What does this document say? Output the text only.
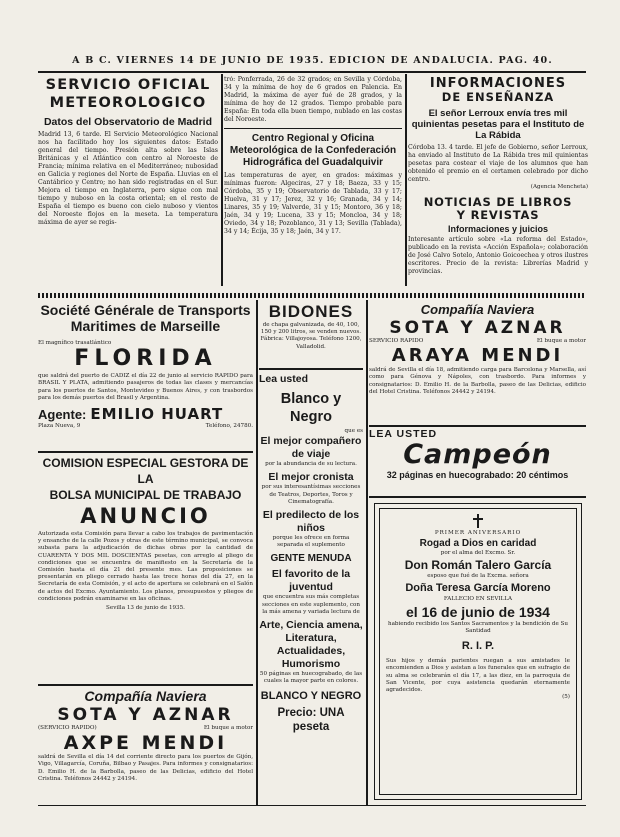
A B C. VIERNES 14 DE JUNIO DE 1935. EDICION DE ANDALUCIA. PAG. 40.
SERVICIO OFICIAL
METEOROLOGICO
Datos del Observatorio de Madrid
Madrid 13, 6 tarde. El Servicio Meteorológico Nacional nos ha facilitado hoy los siguientes datos: Estado general del tiempo. Presión alta sobre las Islas Británicas y el Atlántico con centro al Noroeste de Francia; mínima relativa en el Mediterráneo; nubosidad en Galicia y regiones del Norte de España. Lluvias en el Cantábrico y Centro; no han sido registradas en el Sur. Mejora el tiempo en Inglaterra, pero sigue con mal tiempo y nuboso en la costa oriental; en el resto de España el tiempo es bueno con cielo nuboso y vientos del Noroeste flojos en la meseta. La temperatura máxima de ayer se regis-
tró: Ponferrada, 26 de 32 grados; en Sevilla y Córdoba, 34 y la mínima de hoy de 6 grados en Palencia. En Madrid, la máxima de ayer fué de 28 grados, y la mínima de hoy de 12 grados. Tiempo probable para España: En toda ella buen tiempo, nublado en las costas del Noroeste.
Centro Regional y Oficina Meteorológica de la Confederación Hidrográfica del Guadalquivir
Las temperaturas de ayer, en grados: máximas y mínimas fueron: Algeciras, 27 y 18; Baeza, 33 y 15; Córdoba, 35 y 19; Observatorio de Tablada, 33 y 17; Huelva, 31 y 17; Jerez, 32 y 16; Granada, 34 y 14; Linares, 35 y 19; Valverde, 31 y 15; Montoro, 36 y 18; Jaén, 34 y 19; Lucena, 33 y 15; Moncloa, 34 y 18; Oviedo, 34 y 18; Pozoblanco, 31 y 13; Sevilla (Tablada), 34 y 14; Écija, 35 y 18; Jaén, 34 y 17.
INFORMACIONES
DE ENSEÑANZA
El señor Lerroux envía tres mil quinientas pesetas para el Instituto de La Rábida
Córdoba 13. 4 tarde. El jefe de Gobierno, señor Lerroux, ha enviado al Instituto de La Rábida tres mil quinientas pesetas para costear el viaje de los alumnos que han obtenido el premio en el certamen celebrado por dicho centro.
(Agencia Mencheta)
NOTICIAS DE LIBROS
Y REVISTAS
Informaciones y juicios
Interesante artículo sobre «La reforma del Estado», publicado en la revista «Acción Española»; colaboración de José Calvo Sotelo, Antonio Goicoechea y otros ilustres escritores. Precio de la revista: Librerías Madrid y provincias.
Société Générale de Transports
Maritimes de Marseille
El magnífico trasatlántico
FLORIDA
que saldrá del puerto de CADIZ el día 22 de junio al servicio RAPIDO para BRASIL Y PLATA, admitiendo pasajeros de todas las clases y mercancías para los puertos de Santos, Montevideo y Buenos Aires, y con trasbordos para los demás puertos del Brasil y Argentina.
Agente: EMILIO HUART
Plaza Nueva, 9	Teléfono, 24780.
COMISION ESPECIAL GESTORA DE LA
BOLSA MUNICIPAL DE TRABAJO
ANUNCIO
Autorizada esta Comisión para llevar a cabo los trabajos de pavimentación y ensanche de la calle Pozos y otras de este término municipal, se convoca subasta para la adjudicación de dichas obras por la cantidad de CUARENTA Y DOS MIL DOSCIENTAS pesetas, con arreglo al pliego de condiciones que se encuentra de manifiesto en la Secretaría de la Comisión hasta el día 21 del presente mes. Las proposiciones se presentarán en pliego cerrado hasta las trece horas del día 27, en la Secretaría de esta Comisión, y el acto de apertura se celebrará en el Salón de actos del Excmo. Ayuntamiento. Los planos, presupuestos y pliegos de condiciones podrán examinarse en las oficinas.
Sevilla 13 de junio de 1935.
Compañía Naviera
SOTA Y AZNAR
(SERVICIO RAPIDO)	El buque a motor
AXPE MENDI
saldrá de Sevilla el día 14 del corriente directo para los puertos de Gijón, Vigo, Villagarcía, Coruña, Bilbao y Pasajes. Para informes y consignatarios: D. Emilio H. de la Barbolla, paseo de las Delicias, edificio del Hotel Cristina. Teléfonos 24442 y 24194.
BIDONES
de chapa galvanizada, de 40, 100, 150 y 200 litros, se venden nuevos. Fábrica: Villajoyosa. Teléfono 1200, Valladolid.
Lea usted
Blanco y Negro
que es
El mejor compañero de viaje
por la abundancia de su lectura.
El mejor cronista
por sus interesantísimas secciones de Teatros, Deportes, Toros y Cinematografía.
El predilecto de los niños
porque les ofrece en forma separada el suplemento
GENTE MENUDA
El favorito de la juventud
que encuentra sus más completas secciones en este suplemento, con la más amena y variada lectura de
Arte, Ciencia amena, Literatura, Actualidades, Humorismo
50 páginas en huecograbado, de las cuales la mayor parte en colores.
BLANCO Y NEGRO
Precio: UNA peseta
Compañía Naviera
SOTA Y AZNAR
SERVICIO RAPIDO	El buque a motor
ARAYA MENDI
saldrá de Sevilla el día 18, admitiendo carga para Barcelona y Marsella, así como para Génova y Nápoles, con trasbordo. Para informes y consignatarios: D. Emilio H. de la Barbolla, paseo de las Delicias, edificio del Hotel Cristina. Teléfonos 24442 y 24194.
LEA USTED
Campeón
32 páginas en huecograbado: 20 céntimos
PRIMER ANIVERSARIO
Rogad a Dios en caridad
por el alma del Excmo. Sr.
Don Román Talero García
esposo que fué de la Excma. señora
Doña Teresa García Moreno
FALLECIO EN SEVILLA
el 16 de junio de 1934
habiendo recibido los Santos Sacramentos y la bendición de Su Santidad
R. I. P.
Sus hijos y demás parientes ruegan a sus amistades le encomienden a Dios y asistan a los funerales que en sufragio de su alma se celebrarán el día 17, a las diez, en la parroquia de San Vicente, por cuya asistencia quedarán eternamente agradecidos.
(5)
